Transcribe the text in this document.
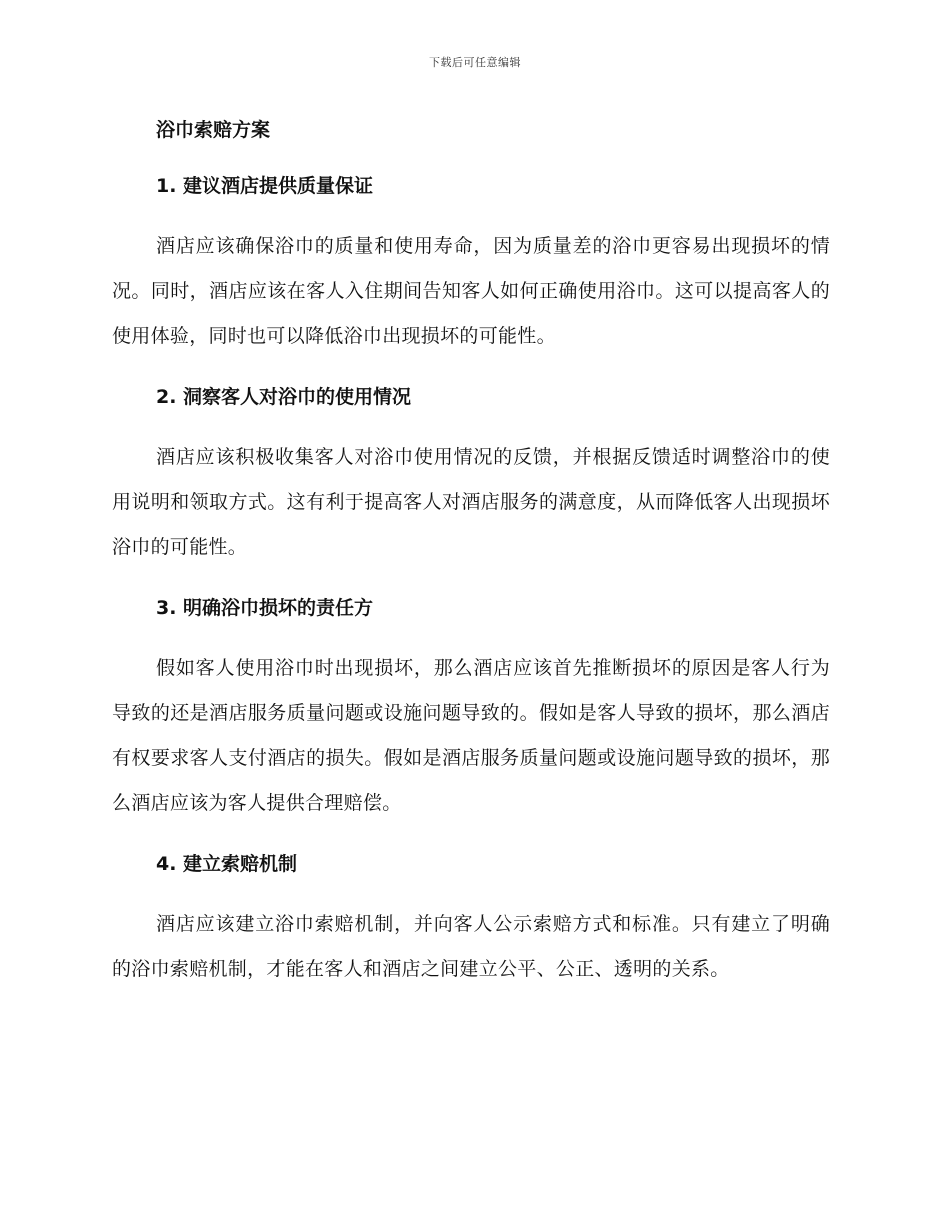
下载后可任意编辑
浴巾索赔方案
1. 建议酒店提供质量保证
酒店应该确保浴巾的质量和使用寿命，因为质量差的浴巾更容易出现损坏的情况。同时，酒店应该在客人入住期间告知客人如何正确使用浴巾。这可以提高客人的使用体验，同时也可以降低浴巾出现损坏的可能性。
2. 洞察客人对浴巾的使用情况
酒店应该积极收集客人对浴巾使用情况的反馈，并根据反馈适时调整浴巾的使用说明和领取方式。这有利于提高客人对酒店服务的满意度，从而降低客人出现损坏浴巾的可能性。
3. 明确浴巾损坏的责任方
假如客人使用浴巾时出现损坏，那么酒店应该首先推断损坏的原因是客人行为导致的还是酒店服务质量问题或设施问题导致的。假如是客人导致的损坏，那么酒店有权要求客人支付酒店的损失。假如是酒店服务质量问题或设施问题导致的损坏，那么酒店应该为客人提供合理赔偿。
4. 建立索赔机制
酒店应该建立浴巾索赔机制，并向客人公示索赔方式和标准。只有建立了明确的浴巾索赔机制，才能在客人和酒店之间建立公平、公正、透明的关系。
